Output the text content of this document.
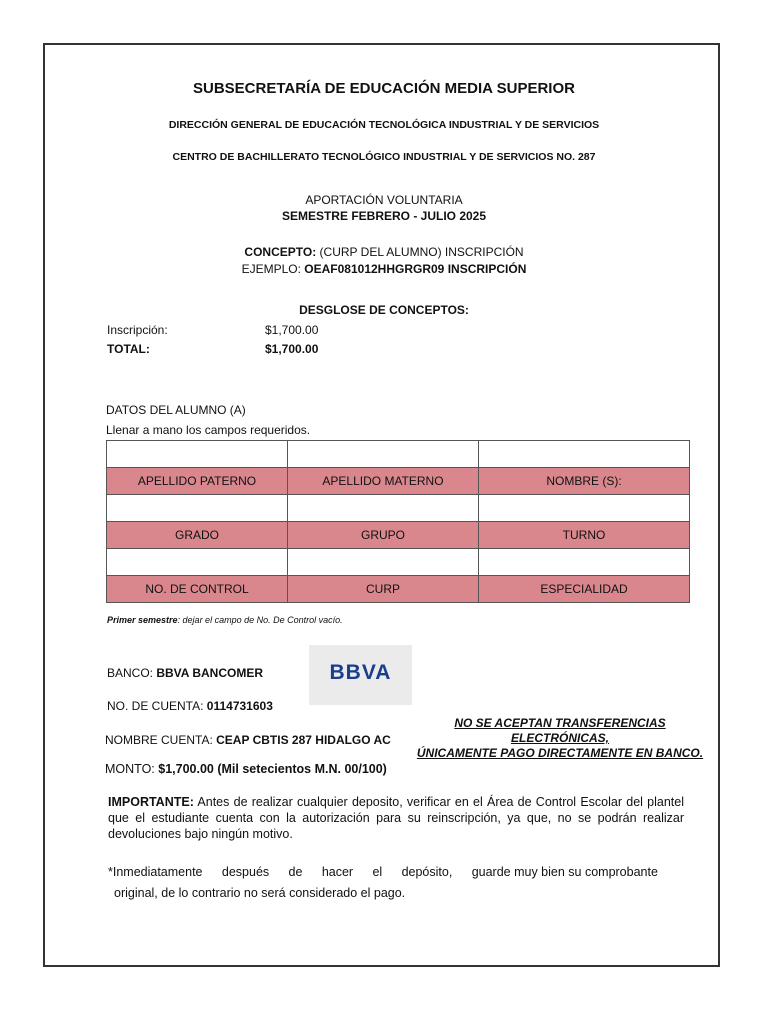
SUBSECRETARÍA DE EDUCACIÓN MEDIA SUPERIOR
DIRECCIÓN GENERAL DE EDUCACIÓN TECNOLÓGICA INDUSTRIAL Y DE SERVICIOS
CENTRO DE BACHILLERATO TECNOLÓGICO INDUSTRIAL Y DE SERVICIOS NO. 287
APORTACIÓN VOLUNTARIA
SEMESTRE FEBRERO - JULIO 2025
CONCEPTO: (CURP DEL ALUMNO) INSCRIPCIÓN
EJEMPLO: OEAF081012HHGRGR09 INSCRIPCIÓN
DESGLOSE DE CONCEPTOS:
Inscripción:	$1,700.00
TOTAL:	$1,700.00
DATOS DEL ALUMNO (A)
Llenar a mano los campos requeridos.

APELLIDO PATERNO	APELLIDO MATERNO	NOMBRE (S):

GRADO	GRUPO	TURNO

NO. DE CONTROL	CURP	ESPECIALIDAD
Primer semestre: dejar el campo de No. De Control vacío.
BANCO: BBVA BANCOMER	BBVA
NO. DE CUENTA: 0114731603
NO SE ACEPTAN TRANSFERENCIAS ELECTRÓNICAS,
ÚNICAMENTE PAGO DIRECTAMENTE EN BANCO.
NOMBRE CUENTA: CEAP CBTIS 287 HIDALGO AC
MONTO: $1,700.00 (Mil setecientos M.N. 00/100)
IMPORTANTE: Antes de realizar cualquier deposito, verificar en el Área de Control Escolar del plantel que el estudiante cuenta con la autorización para su reinscripción, ya que, no se podrán realizar devoluciones bajo ningún motivo.
*Inmediatamente después de hacer el depósito, guarde muy bien su comprobante
original, de lo contrario no será considerado el pago.
